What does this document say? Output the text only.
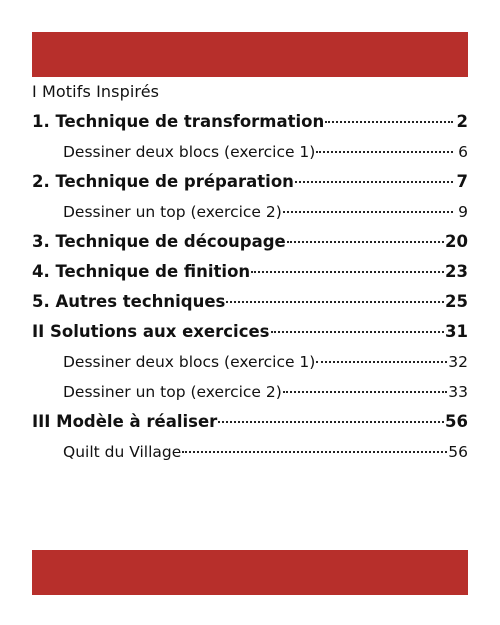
I Motifs Inspirés
1. Technique de transformation	2
Dessiner deux blocs (exercice 1)	6
2. Technique de préparation	7
Dessiner un top (exercice 2)	9
3. Technique de découpage	20
4. Technique de finition	23
5. Autres techniques	25
II Solutions aux exercices	31
Dessiner deux blocs (exercice 1)	32
Dessiner un top (exercice 2)	33
III Modèle à réaliser	56
Quilt du Village	56
